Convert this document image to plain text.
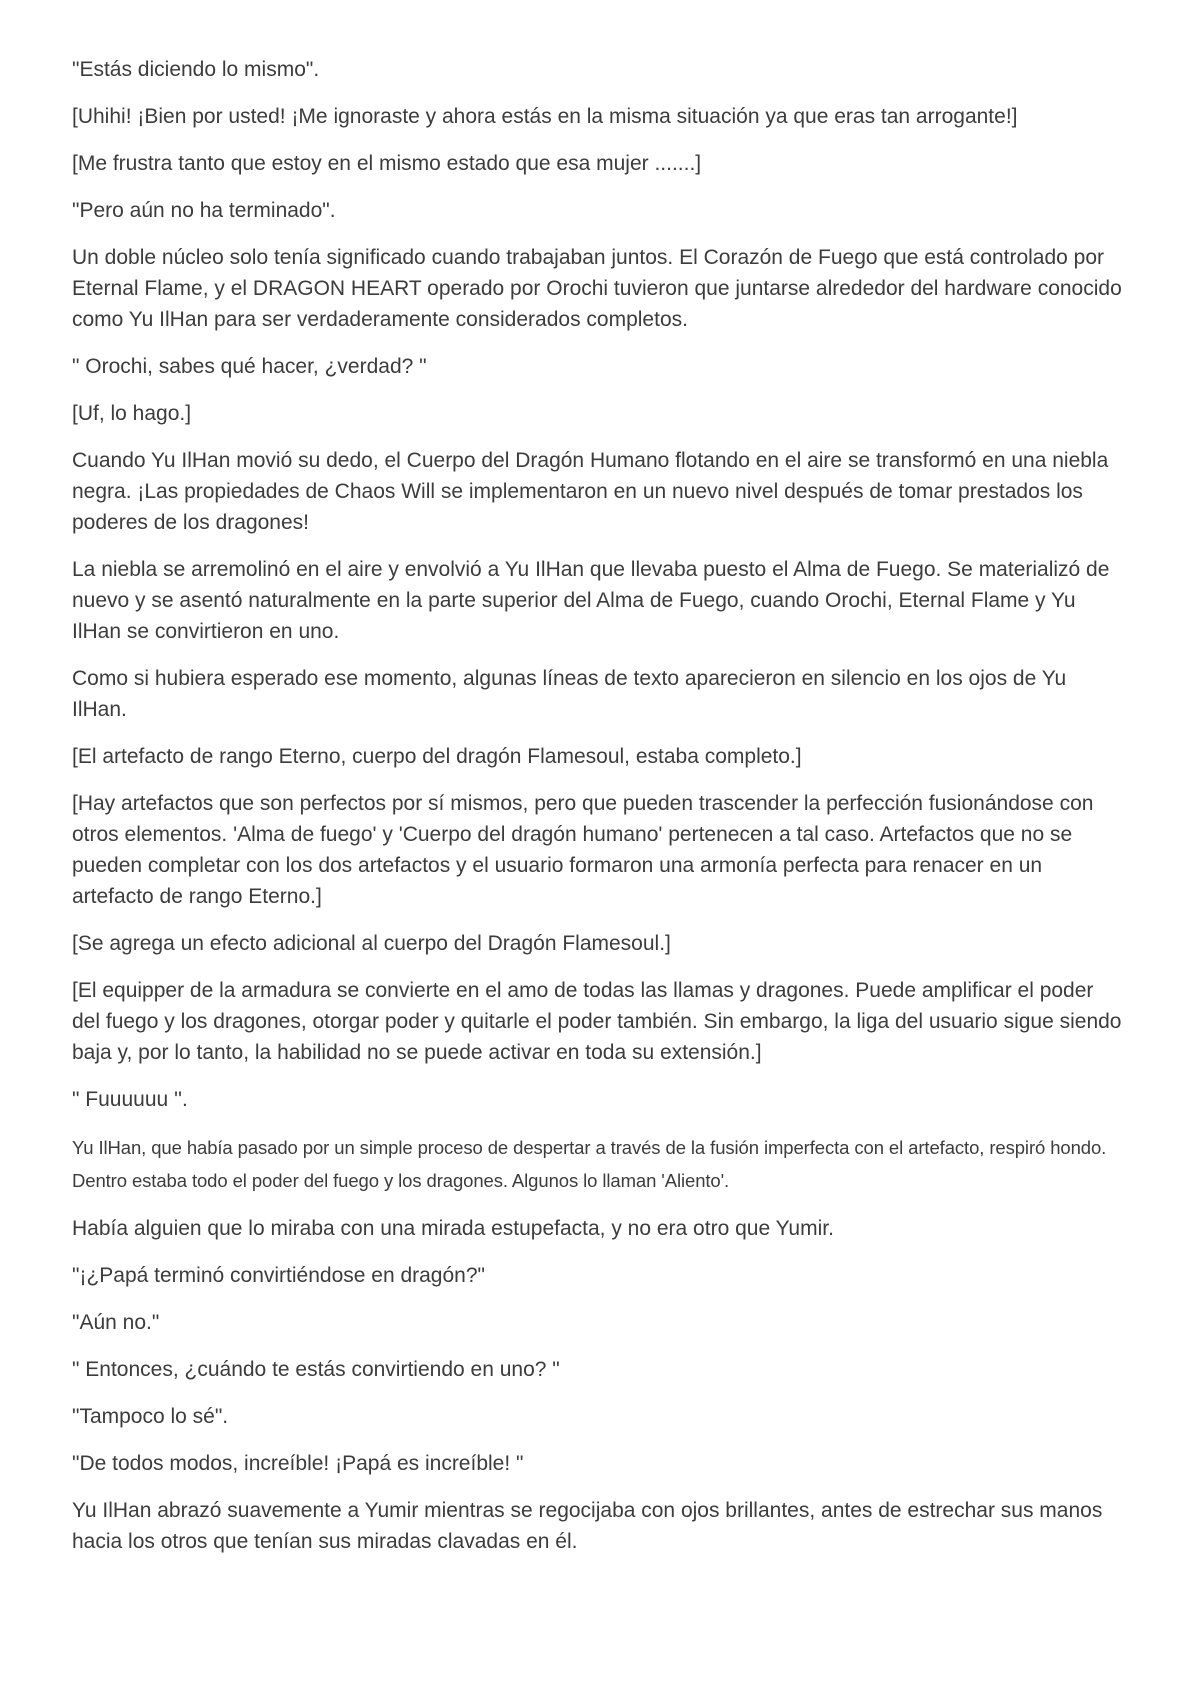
"Estás diciendo lo mismo".

[Uhihi! ¡Bien por usted! ¡Me ignoraste y ahora estás en la misma situación ya que eras tan arrogante!]

[Me frustra tanto que estoy en el mismo estado que esa mujer .......]

"Pero aún no ha terminado".

Un doble núcleo solo tenía significado cuando trabajaban juntos. El Corazón de Fuego que está controlado por Eternal Flame, y el DRAGON HEART operado por Orochi tuvieron que juntarse alrededor del hardware conocido como Yu IlHan para ser verdaderamente considerados completos.

" Orochi, sabes qué hacer, ¿verdad? "

[Uf, lo hago.]

Cuando Yu IlHan movió su dedo, el Cuerpo del Dragón Humano flotando en el aire se transformó en una niebla negra. ¡Las propiedades de Chaos Will se implementaron en un nuevo nivel después de tomar prestados los poderes de los dragones!

La niebla se arremolinó en el aire y envolvió a Yu IlHan que llevaba puesto el Alma de Fuego. Se materializó de nuevo y se asentó naturalmente en la parte superior del Alma de Fuego, cuando Orochi, Eternal Flame y Yu IlHan se convirtieron en uno.

Como si hubiera esperado ese momento, algunas líneas de texto aparecieron en silencio en los ojos de Yu IlHan.

[El artefacto de rango Eterno, cuerpo del dragón Flamesoul, estaba completo.]

[Hay artefactos que son perfectos por sí mismos, pero que pueden trascender la perfección fusionándose con otros elementos. 'Alma de fuego' y 'Cuerpo del dragón humano' pertenecen a tal caso. Artefactos que no se pueden completar con los dos artefactos y el usuario formaron una armonía perfecta para renacer en un artefacto de rango Eterno.]

[Se agrega un efecto adicional al cuerpo del Dragón Flamesoul.]

[El equipper de la armadura se convierte en el amo de todas las llamas y dragones. Puede amplificar el poder del fuego y los dragones, otorgar poder y quitarle el poder también. Sin embargo, la liga del usuario sigue siendo baja y, por lo tanto, la habilidad no se puede activar en toda su extensión.]

" Fuuuuuu ''.

Yu IlHan, que había pasado por un simple proceso de despertar a través de la fusión imperfecta con el artefacto, respiró hondo. Dentro estaba todo el poder del fuego y los dragones. Algunos lo llaman 'Aliento'.

Había alguien que lo miraba con una mirada estupefacta, y no era otro que Yumir.

"¡¿Papá terminó convirtiéndose en dragón?"

"Aún no."

" Entonces, ¿cuándo te estás convirtiendo en uno? "

"Tampoco lo sé".

"De todos modos, increíble! ¡Papá es increíble! "

Yu IlHan abrazó suavemente a Yumir mientras se regocijaba con ojos brillantes, antes de estrechar sus manos hacia los otros que tenían sus miradas clavadas en él.
